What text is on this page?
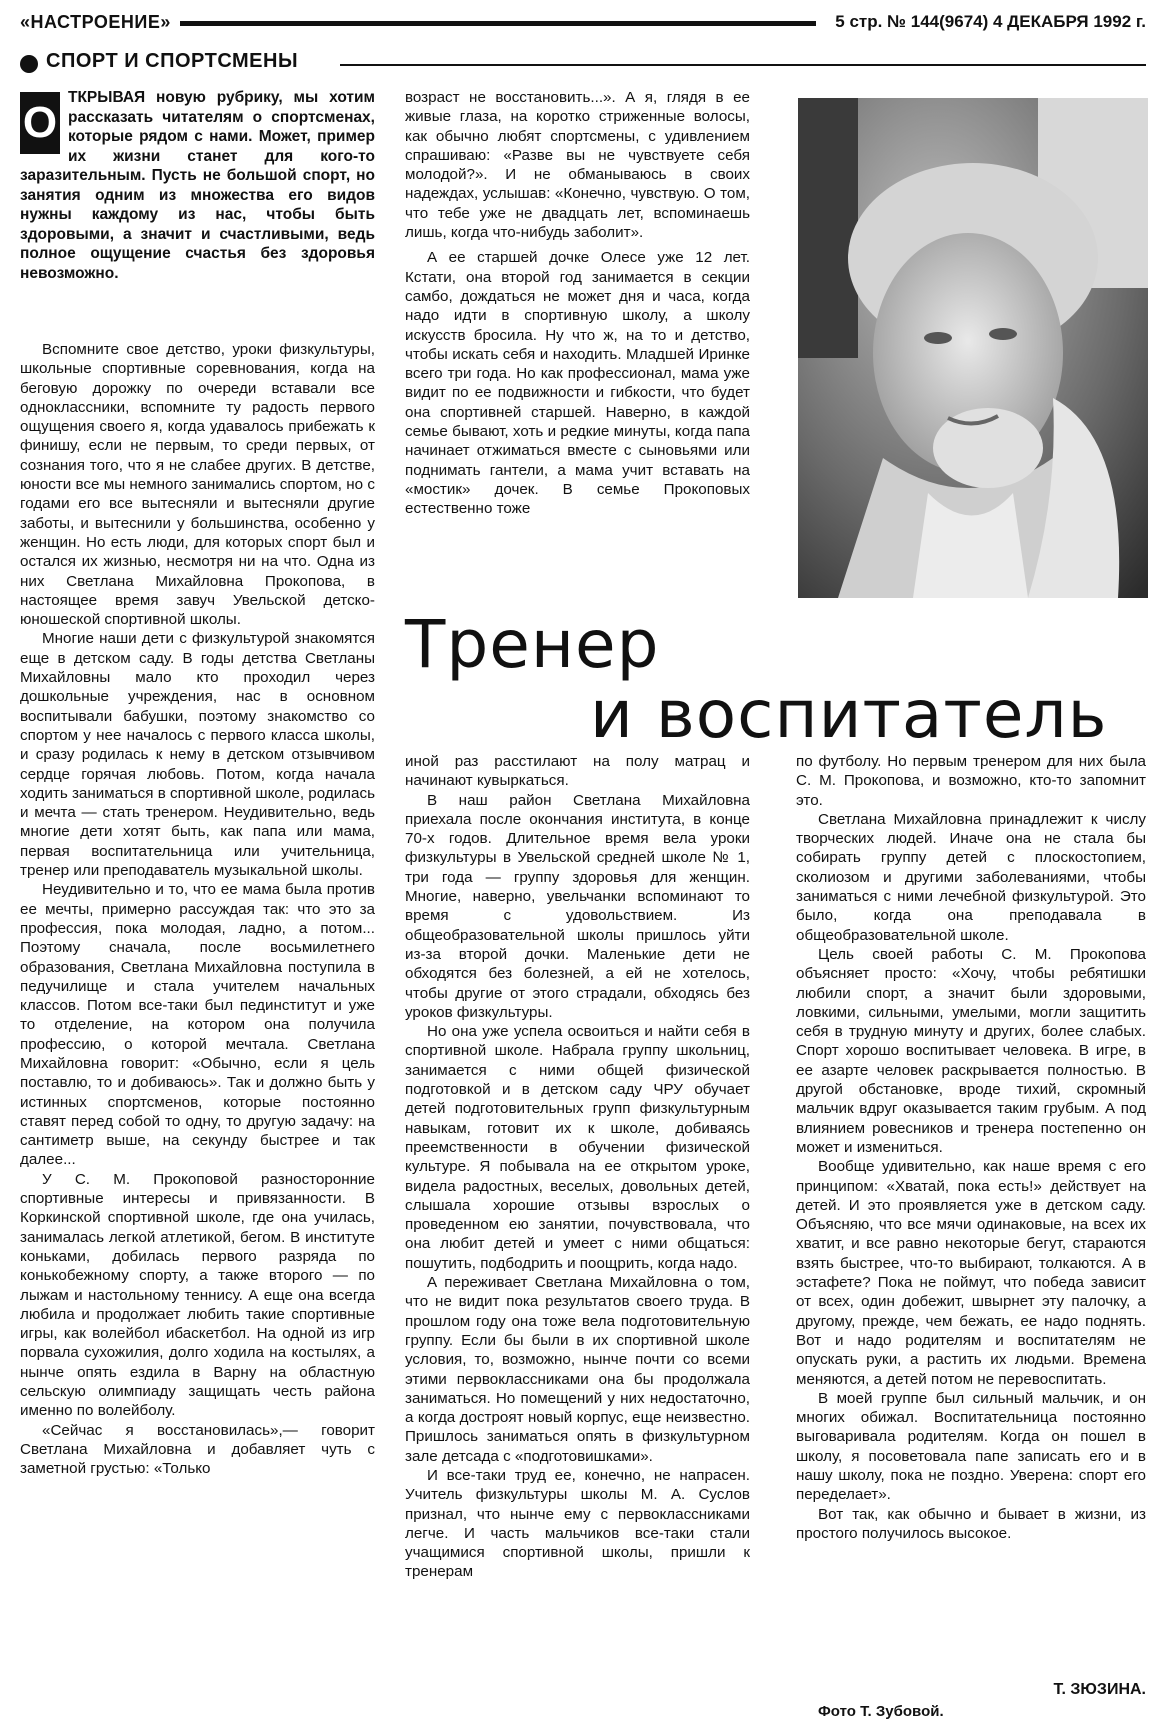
«НАСТРОЕНИЕ»	5 стр. № 144(9674) 4 ДЕКАБРЯ 1992 г.
СПОРТ И СПОРТСМЕНЫ
О
ТКРЫВАЯ новую рубрику, мы хотим рассказать читателям о спортсменах, которые рядом с нами. Может, пример их жизни станет для кого-то заразительным. Пусть не большой спорт, но занятия одним из множества его видов нужны каждому из нас, чтобы быть здоровыми, а значит и счастливыми, ведь полное ощущение счастья без здоровья невозможно.

Вспомните свое детство, уроки физкультуры, школьные спортивные соревнования, когда на беговую дорожку по очереди вставали все одноклассники, вспомните ту радость первого ощущения своего я, когда удавалось прибежать к финишу, если не первым, то среди первых, от сознания того, что я не слабее других. В детстве, юности все мы немного занимались спортом, но с годами его все вытесняли и вытесняли другие заботы, и вытеснили у большинства, особенно у женщин. Но есть люди, для которых спорт был и остался их жизнью, несмотря ни на что. Одна из них Светлана Михайловна Прокопова, в настоящее время завуч Увельской детско-юношеской спортивной школы.

Многие наши дети с физкультурой знакомятся еще в детском саду. В годы детства Светланы Михайловны мало кто проходил через дошкольные учреждения, нас в основном воспитывали бабушки, поэтому знакомство со спортом у нее началось с первого класса школы, и сразу родилась к нему в детском отзывчивом сердце горячая любовь. Потом, когда начала ходить заниматься в спортивной школе, родилась и мечта — стать тренером. Неудивительно, ведь многие дети хотят быть, как папа или мама, первая воспитательница или учительница, тренер или преподаватель музыкальной школы.

Неудивительно и то, что ее мама была против ее мечты, примерно рассуждая так: что это за профессия, пока молодая, ладно, а потом... Поэтому сначала, после восьмилетнего образования, Светлана Михайловна поступила в педучилище и стала учителем начальных классов. Потом все-таки был пединститут и уже то отделение, на котором она получила профессию, о которой мечтала. Светлана Михайловна говорит: «Обычно, если я цель поставлю, то и добиваюсь». Так и должно быть у истинных спортсменов, которые постоянно ставят перед собой то одну, то другую задачу: на сантиметр выше, на секунду быстрее и так далее...

У С. М. Прокоповой разносторонние спортивные интересы и привязанности. В Коркинской спортивной школе, где она училась, занималась легкой атлетикой, бегом. В институте коньками, добилась первого разряда по конькобежному спорту, а также второго — по лыжам и настольному теннису. А еще она всегда любила и продолжает любить такие спортивные игры, как волейбол ибаскетбол. На одной из игр порвала сухожилия, долго ходила на костылях, а нынче опять ездила в Варну на областную сельскую олимпиаду защищать честь района именно по волейболу.

«Сейчас я восстановилась»,— говорит Светлана Михайловна и добавляет чуть с заметной грустью: «Только

возраст не восстановить...». А я, глядя в ее живые глаза, на коротко стриженные волосы, как обычно любят спортсмены, с удивлением спрашиваю: «Разве вы не чувствуете себя молодой?». И не обманываюсь в своих надеждах, услышав: «Конечно, чувствую. О том, что тебе уже не двадцать лет, вспоминаешь лишь, когда что-нибудь заболит».

А ее старшей дочке Олесе уже 12 лет. Кстати, она второй год занимается в секции самбо, дождаться не может дня и часа, когда надо идти в спортивную школу, а школу искусств бросила. Ну что ж, на то и детство, чтобы искать себя и находить. Младшей Иринке всего три года. Но как профессионал, мама уже видит по ее подвижности и гибкости, что будет она спортивней старшей. Наверно, в каждой семье бывают, хоть и редкие минуты, когда папа начинает отжиматься вместе с сыновьями или поднимать гантели, а мама учит вставать на «мостик» дочек. В семье Прокоповых естественно тоже

Тренер
и воспитатель

иной раз расстилают на полу матрац и начинают кувыркаться.

В наш район Светлана Михайловна приехала после окончания института, в конце 70-х годов. Длительное время вела уроки физкультуры в Увельской средней школе № 1, три года — группу здоровья для женщин. Многие, наверно, увельчанки вспоминают то время с удовольствием. Из общеобразовательной школы пришлось уйти из-за второй дочки. Маленькие дети не обходятся без болезней, а ей не хотелось, чтобы другие от этого страдали, обходясь без уроков физкультуры.

Но она уже успела освоиться и найти себя в спортивной школе. Набрала группу школьниц, занимается с ними общей физической подготовкой и в детском саду ЧРУ обучает детей подготовительных групп физкультурным навыкам, готовит их к школе, добиваясь преемственности в обучении физической культуре. Я побывала на ее открытом уроке, видела радостных, веселых, довольных детей, слышала хорошие отзывы взрослых о проведенном ею занятии, почувствовала, что она любит детей и умеет с ними общаться: пошутить, подбодрить и поощрить, когда надо.

А переживает Светлана Михайловна о том, что не видит пока результатов своего труда. В прошлом году она тоже вела подготовительную группу. Если бы были в их спортивной школе условия, то, возможно, нынче почти со всеми этими первоклассниками она бы продолжала заниматься. Но помещений у них недостаточно, а когда достроят новый корпус, еще неизвестно. Пришлось заниматься опять в физкультурном зале детсада с «подготовишками».

И все-таки труд ее, конечно, не напрасен. Учитель физкультуры школы М. А. Суслов признал, что нынче ему с первоклассниками легче. И часть мальчиков все-таки стали учащимися спортивной школы, пришли к тренерам

по футболу. Но первым тренером для них была С. М. Прокопова, и возможно, кто-то запомнит это.

Светлана Михайловна принадлежит к числу творческих людей. Иначе она не стала бы собирать группу детей с плоскостопием, сколиозом и другими заболеваниями, чтобы заниматься с ними лечебной физкультурой. Это было, когда она преподавала в общеобразовательной школе.

Цель своей работы С. М. Прокопова объясняет просто: «Хочу, чтобы ребятишки любили спорт, а значит были здоровыми, ловкими, сильными, умелыми, могли защитить себя в трудную минуту и других, более слабых. Спорт хорошо воспитывает человека. В игре, в ее азарте человек раскрывается полностью. В другой обстановке, вроде тихий, скромный мальчик вдруг оказывается таким грубым. А под влиянием ровесников и тренера постепенно он может и измениться.

Вообще удивительно, как наше время с его принципом: «Хватай, пока есть!» действует на детей. И это проявляется уже в детском саду. Объясняю, что все мячи одинаковые, на всех их хватит, и все равно некоторые бегут, стараются взять быстрее, что-то выбирают, толкаются. А в эстафете? Пока не поймут, что победа зависит от всех, один добежит, швырнет эту палочку, а другому, прежде, чем бежать, ее надо поднять. Вот и надо родителям и воспитателям не опускать руки, а растить их людьми. Времена меняются, а детей потом не перевоспитать.

В моей группе был сильный мальчик, и он многих обижал. Воспитательница постоянно выговаривала родителям. Когда он пошел в школу, я посоветовала папе записать его и в нашу школу, пока не поздно. Уверена: спорт его переделает».

Вот так, как обычно и бывает в жизни, из простого получилось высокое.

Т. ЗЮЗИНА.
Фото Т. Зубовой.
